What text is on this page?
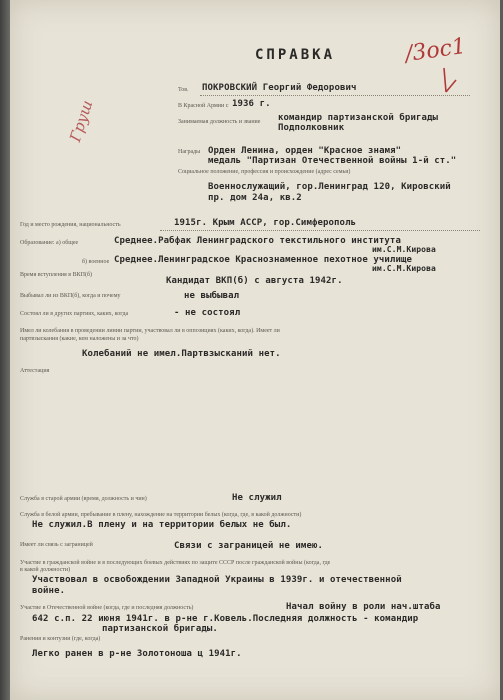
СПРАВКА	/3ос1
Груш
Тов. ПОКРОВСКИЙ Георгий Федорович
В Красной Армии с 1936 г.
Занимаемая должность и звание командир партизанской бригады
Подполковник
Награды Орден Ленина, орден "Красное знамя"
медаль "Партизан Отечественной войны 1-й ст."
Социальное положение, профессия и происхождение (адрес семьи)
Военнослужащий, гор.Ленинград 120, Кировский
пр. дом 24а, кв.2
Год и место рождения, национальность	1915г. Крым АССР, гор.Симферополь
Образование: а) общее	Среднее.Рабфак Ленинградского текстильного института
им.С.М.Кирова
б) военное Среднее.Ленинградское Краснознаменное пехотное училище
им.С.М.Кирова
Время вступления в ВКП(б)
Кандидат ВКП(б) с августа 1942г.
Выбывал ли из ВКП(б), когда и почему	не выбывал
Состоял ли в других партиях, каких, когда	- не состоял
Имел ли колебания в проведении линии партии, участвовал ли в оппозициях (каких, когда). Имеет ли
партвзыскания (какие, кем наложены и за что)
Колебаний не имел.Партвзысканий нет.
Аттестация
Служба в старой армии (время, должность и чин)	Не служил
Служба в белой армии, пребывание в плену, нахождение на территории белых (когда, где, в какой должности)
Не служил.В плену и на территории белых не был.
Имеет ли связь с заграницей	Связи с заграницей не имею.
Участие в гражданской войне и в последующих боевых действиях по защите СССР после гражданской войны (когда, где
в какой должности)
Участвовал в освобождении Западной Украины в 1939г. и отечественной
войне.
Участие в Отечественной войне (когда, где и последняя должность)	Начал войну в роли нач.штаба
642 с.п. 22 июня 1941г. в р-не г.Ковель.Последняя должность - командир
партизанской бригады.
Ранения и контузии (где, когда)
Легко ранен в р-не Золотоноша ц 1941г.
